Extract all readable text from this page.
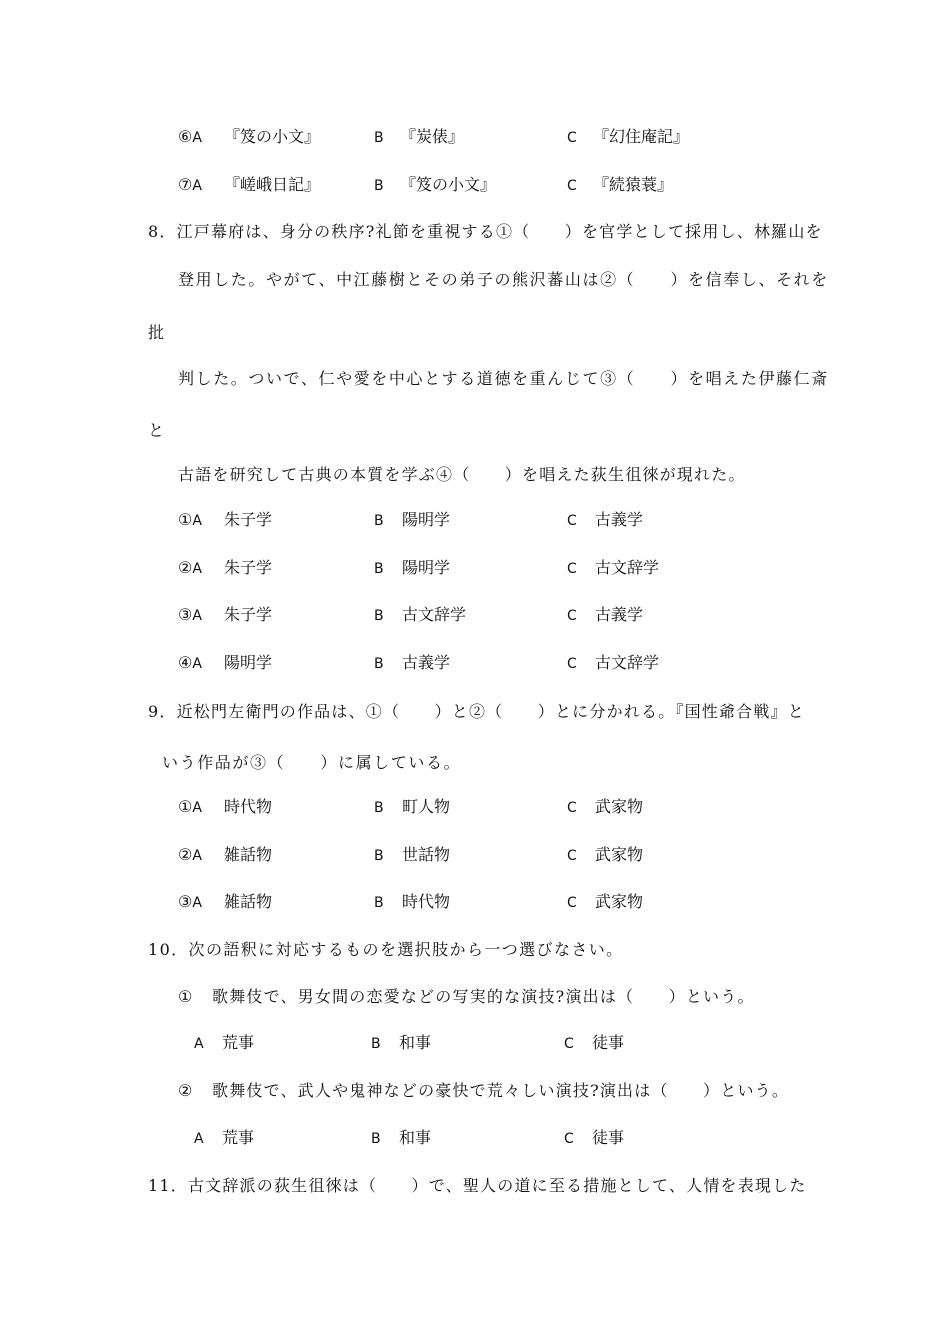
⑥A 『笈の小文』	B 『炭俵』	C 『幻住庵記』
⑦A 『嵯峨日記』	B 『笈の小文』	C 『続猿蓑』
8．江戸幕府は、身分の秩序?礼節を重視する①（　　）を官学として採用し、林羅山を
登用した。やがて、中江藤樹とその弟子の熊沢蕃山は②（　　）を信奉し、それを
批
判した。ついで、仁や愛を中心とする道徳を重んじて③（　　）を唱えた伊藤仁斎
と
古語を研究して古典の本質を学ぶ④（　　）を唱えた荻生徂徠が現れた。
①A 朱子学	B 陽明学	C 古義学
②A 朱子学	B 陽明学	C 古文辞学
③A 朱子学	B 古文辞学	C 古義学
④A 陽明学	B 古義学	C 古文辞学
9．近松門左衛門の作品は、①（　　）と②（　　）とに分かれる。『国性爺合戦』と
いう作品が③（　　）に属している。
①A 時代物	B 町人物	C 武家物
②A 雑話物	B 世話物	C 武家物
③A 雑話物	B 時代物	C 武家物
10．次の語釈に対応するものを選択肢から一つ選びなさい。
① 歌舞伎で、男女間の恋愛などの写実的な演技?演出は（　　）という。
A 荒事	B 和事	C 徒事
② 歌舞伎で、武人や鬼神などの豪快で荒々しい演技?演出は（　　）という。
A 荒事	B 和事	C 徒事
11．古文辞派の荻生徂徠は（　　）で、聖人の道に至る措施として、人情を表現した
